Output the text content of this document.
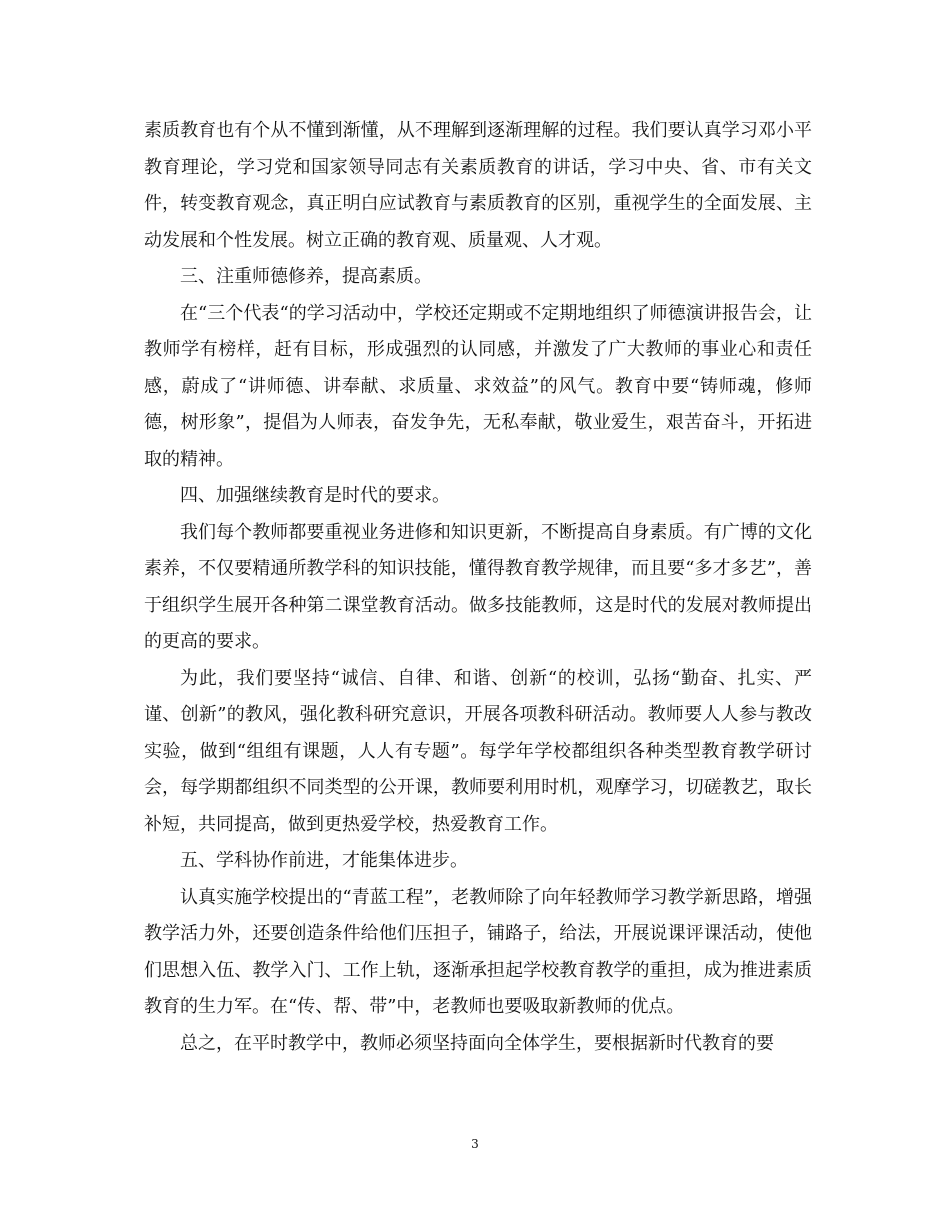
素质教育也有个从不懂到渐懂，从不理解到逐渐理解的过程。我们要认真学习邓小平教育理论，学习党和国家领导同志有关素质教育的讲话，学习中央、省、市有关文件，转变教育观念，真正明白应试教育与素质教育的区别，重视学生的全面发展、主动发展和个性发展。树立正确的教育观、质量观、人才观。

三、注重师德修养，提高素质。

在“三个代表“的学习活动中，学校还定期或不定期地组织了师德演讲报告会，让教师学有榜样，赶有目标，形成强烈的认同感，并激发了广大教师的事业心和责任感，蔚成了“讲师德、讲奉献、求质量、求效益”的风气。教育中要“铸师魂，修师德，树形象”，提倡为人师表，奋发争先，无私奉献，敬业爱生，艰苦奋斗，开拓进取的精神。

四、加强继续教育是时代的要求。

我们每个教师都要重视业务进修和知识更新，不断提高自身素质。有广博的文化素养，不仅要精通所教学科的知识技能，懂得教育教学规律，而且要“多才多艺”，善于组织学生展开各种第二课堂教育活动。做多技能教师，这是时代的发展对教师提出的更高的要求。

为此，我们要坚持“诚信、自律、和谐、创新“的校训，弘扬“勤奋、扎实、严谨、创新”的教风，强化教科研究意识，开展各项教科研活动。教师要人人参与教改实验，做到“组组有课题，人人有专题”。每学年学校都组织各种类型教育教学研讨会，每学期都组织不同类型的公开课，教师要利用时机，观摩学习，切磋教艺，取长补短，共同提高，做到更热爱学校，热爱教育工作。

五、学科协作前进，才能集体进步。

认真实施学校提出的“青蓝工程”，老教师除了向年轻教师学习教学新思路，增强教学活力外，还要创造条件给他们压担子，铺路子，给法，开展说课评课活动，使他们思想入伍、教学入门、工作上轨，逐渐承担起学校教育教学的重担，成为推进素质教育的生力军。在“传、帮、带”中，老教师也要吸取新教师的优点。

总之，在平时教学中，教师必须坚持面向全体学生，要根据新时代教育的要

3
